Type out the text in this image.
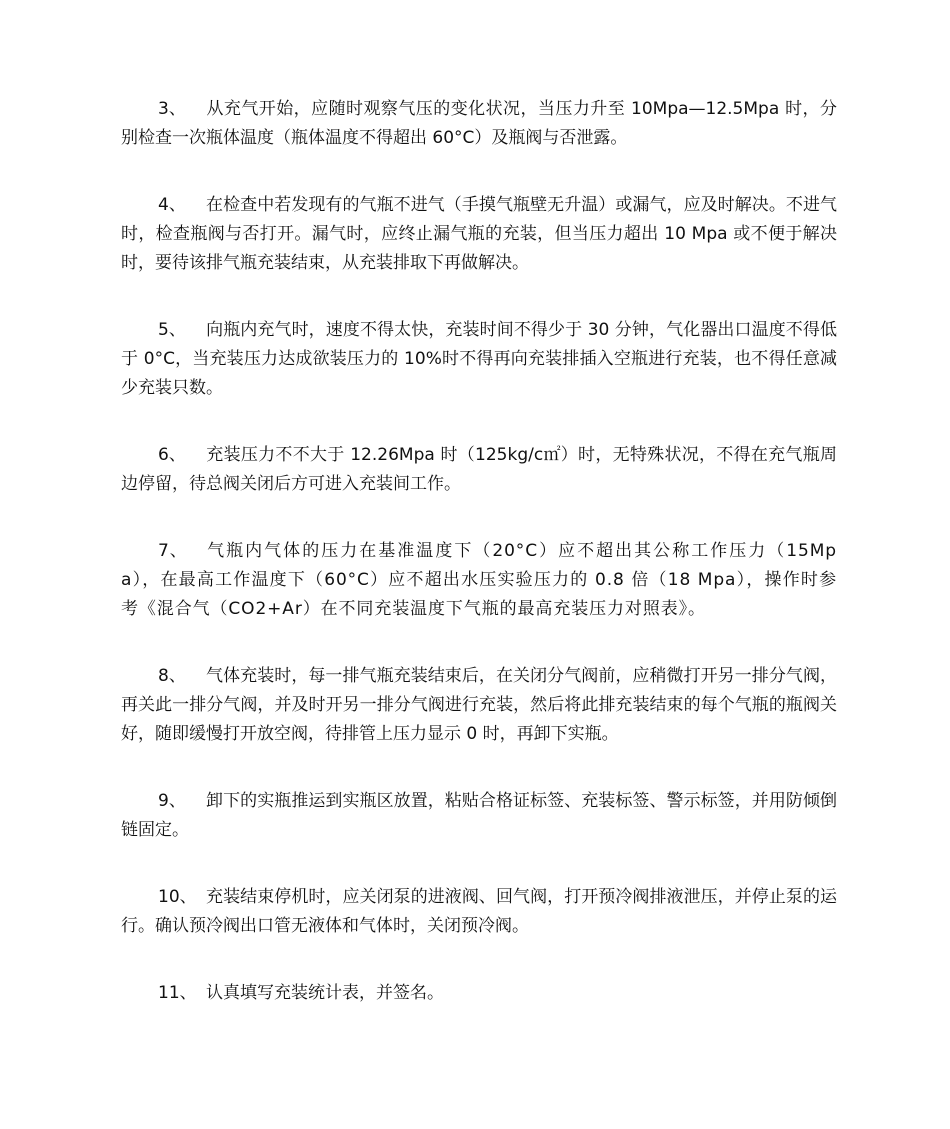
3、 从充气开始，应随时观察气压的变化状况，当压力升至 10Mpa—12.5Mpa 时，分别检查一次瓶体温度（瓶体温度不得超出 60°C）及瓶阀与否泄露。

4、 在检查中若发现有的气瓶不进气（手摸气瓶壁无升温）或漏气，应及时解决。不进气时，检查瓶阀与否打开。漏气时，应终止漏气瓶的充装，但当压力超出 10 Mpa 或不便于解决时，要待该排气瓶充装结束，从充装排取下再做解决。

5、 向瓶内充气时，速度不得太快，充装时间不得少于 30 分钟，气化器出口温度不得低于 0°C，当充装压力达成欲装压力的 10%时不得再向充装排插入空瓶进行充装，也不得任意减少充装只数。

6、 充装压力不不大于 12.26Mpa 时（125kg/c㎡）时，无特殊状况，不得在充气瓶周边停留，待总阀关闭后方可进入充装间工作。

7、 气瓶内气体的压力在基准温度下（20°C）应不超出其公称工作压力（15Mpa），在最高工作温度下（60°C）应不超出水压实验压力的 0.8 倍（18 Mpa），操作时参考《混合气（CO2+Ar）在不同充装温度下气瓶的最高充装压力对照表》。

8、 气体充装时，每一排气瓶充装结束后，在关闭分气阀前，应稍微打开另一排分气阀，再关此一排分气阀，并及时开另一排分气阀进行充装，然后将此排充装结束的每个气瓶的瓶阀关好，随即缓慢打开放空阀，待排管上压力显示 0 时，再卸下实瓶。

9、 卸下的实瓶推运到实瓶区放置，粘贴合格证标签、充装标签、警示标签，并用防倾倒链固定。

10、 充装结束停机时，应关闭泵的进液阀、回气阀，打开预冷阀排液泄压，并停止泵的运行。确认预冷阀出口管无液体和气体时，关闭预冷阀。

11、 认真填写充装统计表，并签名。
